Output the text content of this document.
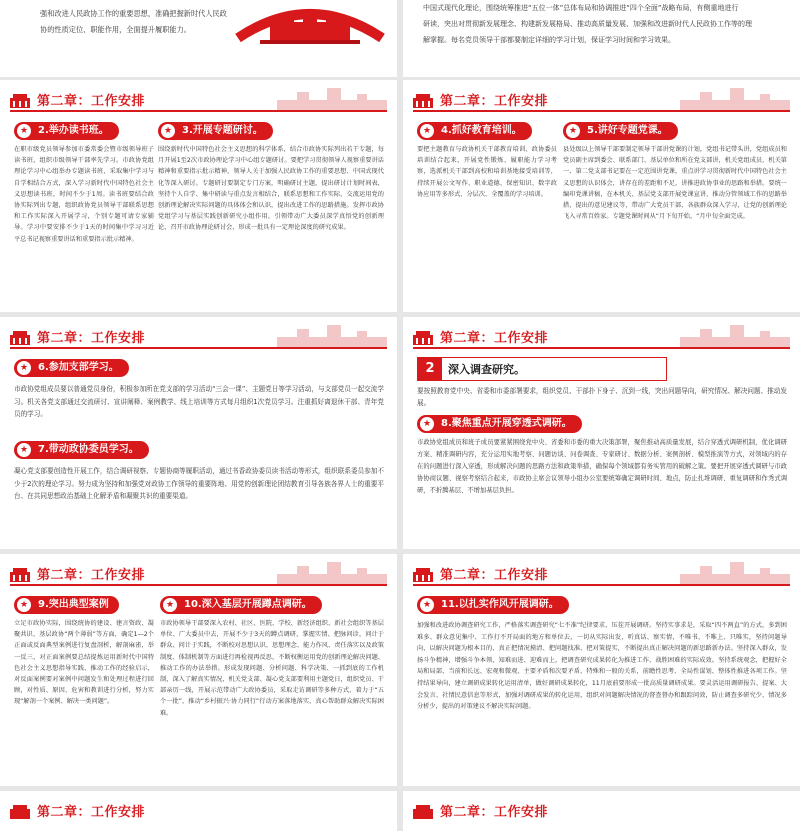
强和改进人民政协工作的重要思想，准确把握新时代人民政
协的性质定位、职能作用，全面提升履职能力。
中国式现代化理论，围绕统筹推进“五位一体”总体布局和协调推进“四个全面”战略布局，有侧重地进行
研读，突出对贯彻新发展理念、构建新发展格局、推动高质量发展、加强和改进新时代人民政协工作等的理
解掌握。每名党员领导干部都要制定详细的学习计划，保证学习时间和学习效果。
第二章：工作安排
★ 2.举办读书班。
在职市级党员领导参加市委常委会暨市级领导班子读书班，组织市级领导干部率先学习。市政协党组理论学习中心组举办专题读书班，采取集中学习与自学相结合方式，深入学习新时代中国特色社会主义思想读书班，时间不少于1周。读书班要结合政协实际列出专题，组织政协党员领导干部联系思想和工作实际深入开展学习，个别专题可请专家辅导。学习中要安排不少于1天的时间集中学习习近平总书记视察重要讲话和重要指示批示精神。
★ 3.开展专题研讨。
围绕新时代中国特色社会主义思想的科学体系，结合市政协实际列出若干专题，每月开展1至2次市政协理论学习中心组专题研讨。要把学习贯彻领导人视察重要讲话精神和重要指示批示精神，领导人关于加强人民政协工作的重要思想、中国式现代化等深入研讨。专题研讨要制定专门方案，明确研讨主题，提出研讨计划时间表，坚持个人自学、集中研读与重点发言相结合，联系思想和工作实际，交流运用党的创新理论解决实际问题的具体体会和认识，提出改进工作的思路措施。发挥市政协党组学习与基层实践创新研究小组作用，引领带动广大委员深学真悟党的创新理论，召开市政协理论研讨会，形成一批具有一定理论深度的研究成果。
第二章：工作安排
★ 4.抓好教育培训。
要把主题教育与政协机关干部教育培训、政协委员培训结合起来，开展党性锻炼、履职能力学习考察，选派机关干部到高校和培训基地接受培训等，持续开展公文写作、职业道德、保密知识、数字政协应用等多形式、分层次、全覆盖的学习培训。
★ 5.讲好专题党课。
县处级以上领导干部要制定领导干部讲党课的计划，党组书记带头讲，党组成员和党员副主席到委会、联系部门、基层单位和所在党支部讲，机关党组成员、机关第一、第二党支部书记要在一定范围讲党课，重点讲学习贯彻新时代中国特色社会主义思想的认识体会，讲存在的差距和不足，讲推进政协事业的思路和举措。要统一编印党课讲稿，在本机关、基层党支部开展党课宣讲，推动分管领域工作的思路举措，提出的意见建议等，带动广大党员干部、各族群众深入学习，让党的创新理论飞入寻常百姓家。专题党课时间从“月下旬开始，“月中旬全面完成。
第二章：工作安排
★ 6.参加支部学习。
市政协党组成员要以普通党员身份，积极参加所在党支部的学习活动“三会一课”、主题党日等学习活动，与支部党员一起交流学习。机关各党支部通过交流研讨、宣讲阐释、案例教学、线上培训等方式每月组织1次党员学习。注重抓好离退休干部、青年党员的学习。
★ 7.带动政协委员学习。
凝心党支部要创造性开展工作，结合调研视察、专题协商等履职活动，通过书香政协委员读书活动等形式，组织联系委员参加不少于2次的理论学习。努力成为坚持和加强党对政协工作领导的重要阵地、用党的创新理论团结教育引导各族各界人士的重要平台、在共同思想政治基础上化解矛盾和凝聚共识的重要渠道。
第二章：工作安排
2	深入调查研究。
要按照教育党中央、省委和市委部署要求，组织党员、干部扑下身子、沉到一线，突出问题导向，研究情况、解决问题、推动发展。
★ 8.聚焦重点开展穿透式调研。
市政协党组成员和班子成员要紧紧围绕党中央、省委和市委的重大决策部署，聚焦推动高质量发展，结合穿透式调研机制，优化调研方案、精准调研内容，充分运用实地考察、问题访谈、问卷调查、专家研讨、数据分析、案例剖析、模型推演等方式，对领域内的存在的问题进行深入穿透，形成解决问题的思路方法和政策举措，确保每个领域都有务实管用的破解之策。要把开展穿透式调研与市政协协商议题、视察考察结合起来，市政协主席会议领导小组办公室要统筹确定调研时间、地点，防止扎堆调研、重复调研和作秀式调研，不折腾基层、不增加基层负担。
第二章：工作安排
★ 9.突出典型案例
立足市政协实际，围绕统协的建设、建言资政、凝聚共识、基层政协“两个薄弱”等方面，确定1—2个正面或反面典型案例进行复盘剖析，解剖麻雀，举一反三，对正面案例要总结提炼运用新时代中国特色社会主义思想指导实践、推动工作的经验启示，对反面案例要对案例中问题发生和处理过程进行回顾，对性质、原因、危害和教训进行分析，努力实现“解剖一个案例、解决一类问题”。
★ 10.深入基层开展蹲点调研。
市政协领导干部要深入农村、社区、医院、学校、新经济组织、新社会组织等基层单位、广大委员中去，开展不少于3天的蹲点调研，掌握实情、把脉问诊，问计于群众、问计于实践，不断校对思想认识、思想理念、能力作风、责任落实以及政策制度、体制机制等方面进行再检视再反思，不断权衡运用党的创新理论解决问题、推动工作的办法举措。形成发现问题、分析问题、科学决策、一抓到底的工作机制，深入了解真实情况，机关党支部、凝心党支部要利用主题党日，组织党员、干部亲历一线，开展示范带动广大政协委员，采取走访调研等多种方式，着力于“五个一批”，推动“乡村振兴·协力同行”行动方案落地落实，真心帮助群众解决实际困难。
第二章：工作安排
★ 11.以扎实作风开展调研。
加强和改进政协调查研究工作，严格落实调查研究“七不准”纪律要求，压茬开展调研。坚持实事求是，采取“四不两直”的方式，多到困难多、群众意见集中、工作打不开局面的地方和单位去，一切从实际出发，听真话、察实情，不唯书、不唯上、只唯实，坚持问题导向，以解决问题为根本目的，真正把情况摸清、把问题找准、把对策提实，不断提出真正解决问题的新思路新办法。坚持深入群众，发扬斗争精神，增强斗争本领，知难而进、迎难而上，把调查研究成果转化为推进工作、战胜困难的实际成效。坚持系统观念，把握好全局和局部、当前和长远、宏观和微观、主要矛盾和次要矛盾、特殊和一般的关系，前瞻性思考、全局性谋划、整体性推进各项工作。坚持结果导向，建立调研成果转化运用清单，做好调研成果转化，11月底前要形成一批高质量调研成果。要灵活运用调研报告、提案、大会发言、社情民意信息等形式，加强对调研成果的转化运用，组织对问题解决情况的督查督办和跟踪问效，防止调查多研究少、情况多分析少，提出的对策建议不解决实际问题。
第二章：工作安排	第二章：工作安排
